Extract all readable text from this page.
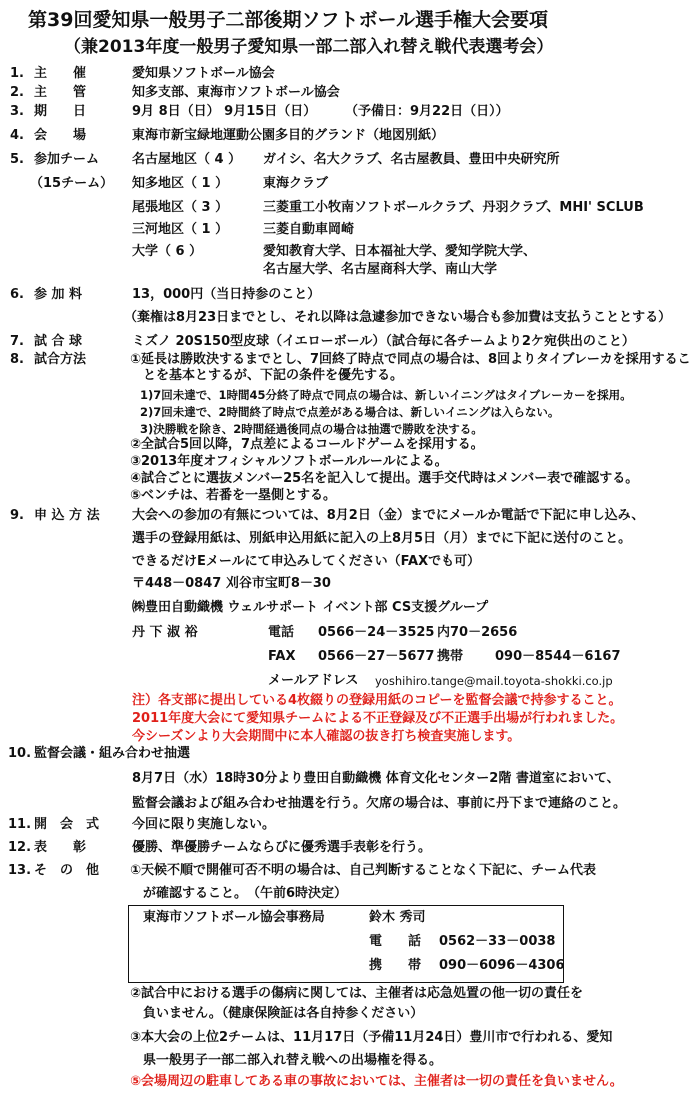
第39回愛知県一般男子二部後期ソフトボール選手権大会要項
（兼2013年度一般男子愛知県一部二部入れ替え戦代表選考会）
1. 主　　催	愛知県ソフトボール協会
2. 主　　管	知多支部、東海市ソフトボール協会
3. 期　　日	9月 8日（日） 9月15日（日） （予備日：9月22日（日））
4. 会　　場	東海市新宝緑地運動公園多目的グランド（地図別紙）
5. 参加チーム
（15チーム）
名古屋地区（ 4 ） ガイシ、名大クラブ、名古屋教員、豊田中央研究所
知多地区（ 1 ）	東海クラブ
尾張地区（ 3 ）	三菱重工小牧南ソフトボールクラブ、丹羽クラブ、MHI' SCLUB
三河地区（ 1 ）	三菱自動車岡崎
大学（ 6 ）	愛知教育大学、日本福祉大学、愛知学院大学、
名古屋大学、名古屋商科大学、南山大学
6. 参 加 料	13，000円（当日持参のこと）
（棄権は8月23日までとし、それ以降は急遽参加できない場合も参加費は支払うこととする）
7. 試 合 球	ミズノ 20S150型皮球（イエローボール）（試合毎に各チームより2ケ宛供出のこと）
8. 試合方法	①延長は勝敗決するまでとし、7回終了時点で同点の場合は、8回よりタイブレーカを採用するこ
　とを基本とするが、下記の条件を優先する。
1)7回未達で、1時間45分終了時点で同点の場合は、新しいイニングはタイブレーカーを採用。
2)7回未達で、2時間終了時点で点差がある場合は、新しいイニングは入らない。
3)決勝戦を除き、2時間経過後同点の場合は抽選で勝敗を決する。
②全試合5回以降，7点差によるコールドゲームを採用する。
③2013年度オフィシャルソフトボールルールによる。
④試合ごとに選抜メンバー25名を記入して提出。選手交代時はメンバー表で確認する。
⑤ベンチは、若番を一塁側とする。
9. 申 込 方 法 大会への参加の有無については、8月2日（金）までにメールか電話で下記に申し込み、
選手の登録用紙は、別紙申込用紙に記入の上8月5日（月）までに下記に送付のこと。
できるだけEメールにて申込みしてください（FAXでも可）
〒448－0847 刈谷市宝町8－30
㈱豊田自動織機 ウェルサポート イベント部 CS支援グループ
丹 下 淑 裕	電話 0566－24－3525 内70－2656
FAX 0566－27－5677 携帯 090－8544－6167
メールアドレス yoshihiro.tange@mail.toyota-shokki.co.jp
注）各支部に提出している4枚綴りの登録用紙のコピーを監督会議で持参すること。
2011年度大会にて愛知県チームによる不正登録及び不正選手出場が行われました。
今シーズンより大会期間中に本人確認の抜き打ち検査実施します。
10. 監督会議・組み合わせ抽選
8月7日（水）18時30分より豊田自動織機 体育文化センター2階 書道室において、
監督会議および組み合わせ抽選を行う。欠席の場合は、事前に丹下まで連絡のこと。
11. 開　会　式	今回に限り実施しない。
12. 表　　彰	優勝、準優勝チームならびに優秀選手表彰を行う。
13. そ　の　他 ①天候不順で開催可否不明の場合は、自己判断することなく下記に、チーム代表
　が確認すること。　（午前6時決定）
東海市ソフトボール協会事務局	鈴木 秀司
電　　話 0562－33－0038
携　　帯 090－6096－4306
②試合中における選手の傷病に関しては、主催者は応急処置の他一切の責任を
　負いません。（健康保険証は各自持参ください）
③本大会の上位2チームは、11月17日（予備11月24日）豊川市で行われる、愛知
　県一般男子一部二部入れ替え戦への出場権を得る。
⑤会場周辺の駐車してある車の事故においては、主催者は一切の責任を負いません。
